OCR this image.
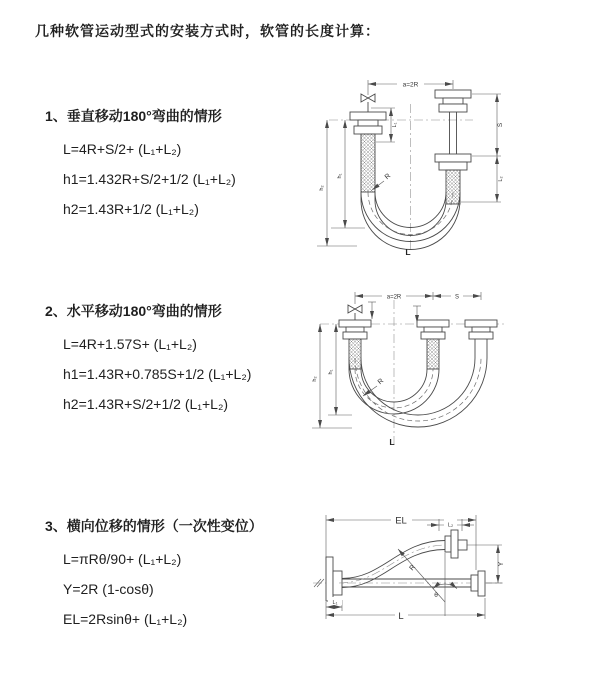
几种软管运动型式的安装方式时，软管的长度计算：
1、垂直移动180°弯曲的情形
L=4R+S/2+ (L₁+L₂)
h1=1.432R+S/2+1/2 (L₁+L₂)
h2=1.43R+1/2 (L₁+L₂)
a=2R
S
L₂
L₁
h₁
h₂
R
L
2、水平移动180°弯曲的情形
L=4R+1.57S+ (L₁+L₂)
h1=1.43R+0.785S+1/2 (L₁+L₂)
h2=1.43R+S/2+1/2 (L₁+L₂)
a=2R	S
h₁
h₂	R
L
3、横向位移的情形（一次性变位）
L=πRθ/90+ (L₁+L₂)
Y=2R (1-cosθ)
EL=2Rsinθ+ (L₁+L₂)
EL	L₂
R
θ
Y
L
L₁
